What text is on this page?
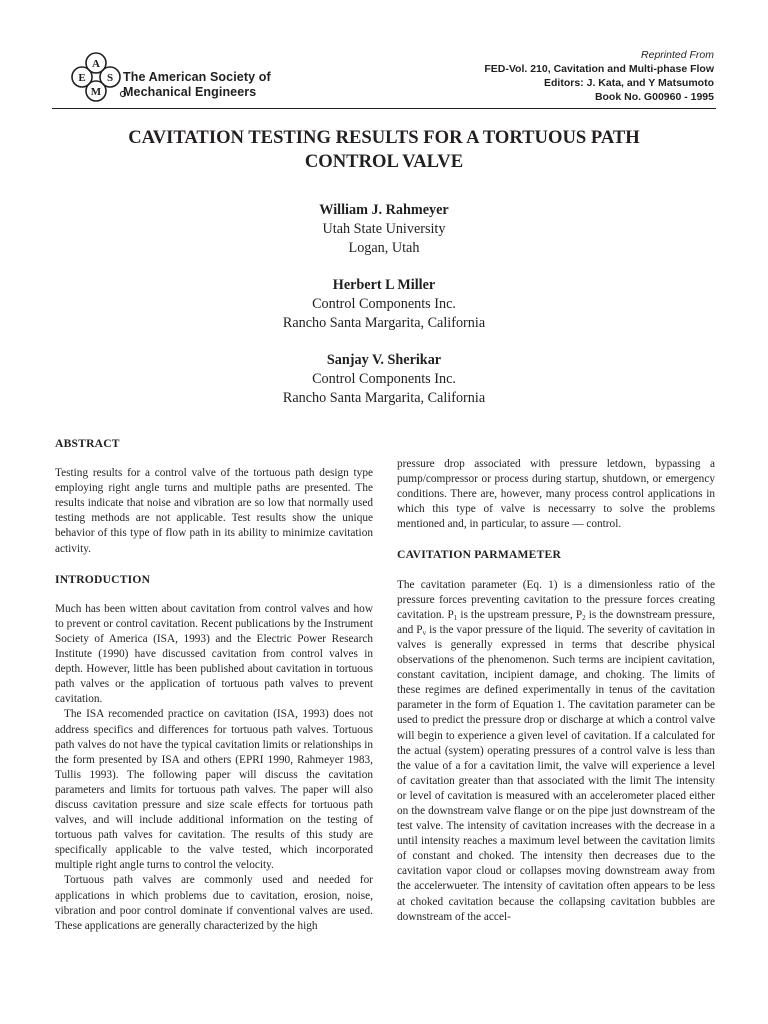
Reprinted From
FED-Vol. 210, Cavitation and Multi-phase Flow
Editors: J. Kata, and Y Matsumoto
Book No. G00960 - 1995
A
E S
M
The American Society of
Mechanical Engineers
CAVITATION TESTING RESULTS FOR A TORTUOUS PATH
CONTROL VALVE
William J. Rahmeyer
Utah State University
Logan, Utah
Herbert L Miller
Control Components Inc.
Rancho Santa Margarita, California
Sanjay V. Sherikar
Control Components Inc.
Rancho Santa Margarita, California
ABSTRACT

Testing results for a control valve of the tortuous path design type employing right angle turns and multiple paths are presented. The results indicate that noise and vibration are so low that normally used testing methods are not applicable. Test results show the unique behavior of this type of flow path in its ability to minimize cavitation activity.

INTRODUCTION

Much has been witten about cavitation from control valves and how to prevent or control cavitation. Recent publications by the Instrument Society of America (ISA, 1993) and the Electric Power Research Institute (1990) have discussed cavitation from control valves in depth. However, little has been published about cavitation in tortuous path valves or the application of tortuous path valves to prevent cavitation.

The ISA recomended practice on cavitation (ISA, 1993) does not address specifics and differences for tortuous path valves. Tortuous path valves do not have the typical cavitation limits or relationships in the form presented by ISA and others (EPRI 1990, Rahmeyer 1983, Tullis 1993). The following paper will discuss the cavitation parameters and limits for tortuous path valves. The paper will also discuss cavitation pressure and size scale effects for tortuous path valves, and will include additional information on the testing of tortuous path valves for cavitation. The results of this study are specifically applicable to the valve tested, which incorporated multiple right angle turns to control the velocity.

Tortuous path valves are commonly used and needed for applications in which problems due to cavitation, erosion, noise, vibration and poor control dominate if conventional valves are used. These applications are generally characterized by the high

pressure drop associated with pressure letdown, bypassing a pump/compressor or process during startup, shutdown, or emergency conditions. There are, however, many process control applications in which this type of valve is necessarry to solve the problems mentioned and, in particular, to assure — control.

CAVITATION PARMAMETER

The cavitation parameter (Eq. 1) is a dimensionless ratio of the pressure forces preventing cavitation to the pressure forces creating cavitation. $P_1$ is the upstream pressure, $P_2$ is the downstream pressure, and $P_v$ is the vapor pressure of the liquid. The severity of cavitation in valves is generally expressed in terms that describe physical observations of the phenomenon. Such terms are incipient cavitation, constant cavitation, incipient damage, and choking. The limits of these regimes are defined experimentally in tenus of the cavitation parameter in the form of Equation 1. The cavitation parameter can be used to predict the pressure drop or discharge at which a control valve will begin to experience a given level of cavitation. If a calculated for the actual (system) operating pressures of a control valve is less than the value of a for a cavitation limit, the valve will experience a level of cavitation greater than that associated with the limit The intensity or level of cavitation is measured with an accelerometer placed either on the downstream valve flange or on the pipe just downstream of the test valve. The intensity of cavitation increases with the decrease in a until intensity reaches a maximum level between the cavitation limits of constant and choked. The intensity then decreases due to the cavitation vapor cloud or collapses moving downstream away from the accelerwueter. The intensity of cavitation often appears to be less at choked cavitation because the collapsing cavitation bubbles are downstream of the accel-
